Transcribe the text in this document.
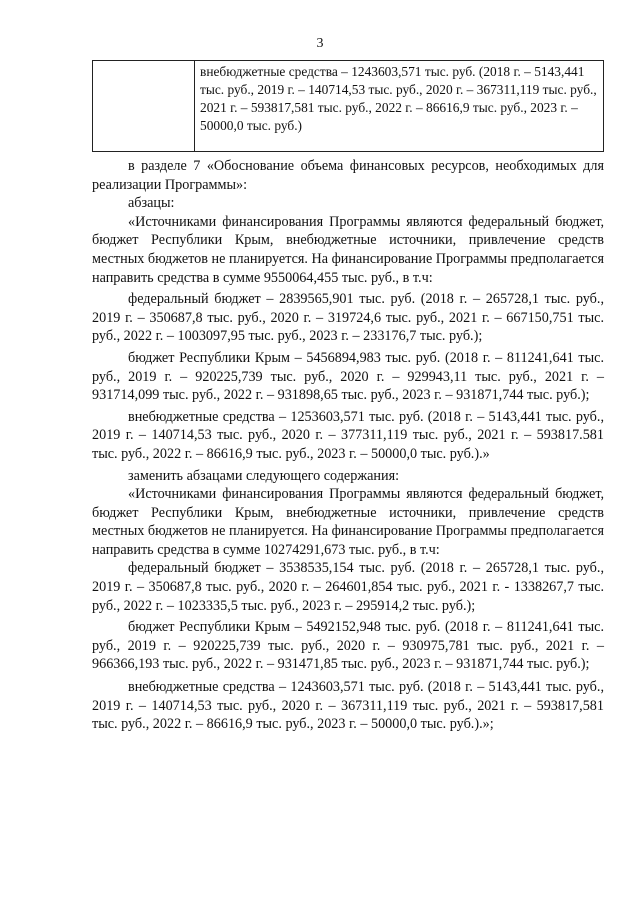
3
	внебюджетные средства – 1243603,571 тыс. руб. (2018 г. – 5143,441 тыс. руб., 2019 г. – 140714,53 тыс. руб., 2020 г. – 367311,119 тыс. руб., 2021 г. – 593817,581 тыс. руб., 2022 г. – 86616,9 тыс. руб., 2023 г. – 50000,0 тыс. руб.)

в разделе 7 «Обоснование объема финансовых ресурсов, необходимых для реализации Программы»:

абзацы:

«Источниками финансирования Программы являются федеральный бюджет, бюджет Республики Крым, внебюджетные источники, привлечение средств местных бюджетов не планируется. На финансирование Программы предполагается направить средства в сумме 9550064,455 тыс. руб., в т.ч:

федеральный бюджет – 2839565,901 тыс. руб. (2018 г. – 265728,1 тыс. руб., 2019 г. – 350687,8 тыс. руб., 2020 г. – 319724,6 тыс. руб., 2021 г. – 667150,751 тыс. руб., 2022 г. – 1003097,95 тыс. руб., 2023 г. – 233176,7 тыс. руб.);

бюджет Республики Крым – 5456894,983 тыс. руб. (2018 г. – 811241,641 тыс. руб., 2019 г. – 920225,739 тыс. руб., 2020 г. – 929943,11 тыс. руб., 2021 г. – 931714,099 тыс. руб., 2022 г. – 931898,65 тыс. руб., 2023 г. – 931871,744 тыс. руб.);

внебюджетные средства – 1253603,571 тыс. руб. (2018 г. – 5143,441 тыс. руб., 2019 г. – 140714,53 тыс. руб., 2020 г. – 377311,119 тыс. руб., 2021 г. – 593817.581 тыс. руб., 2022 г. – 86616,9 тыс. руб., 2023 г. – 50000,0 тыс. руб.).»

заменить абзацами следующего содержания:

«Источниками финансирования Программы являются федеральный бюджет, бюджет Республики Крым, внебюджетные источники, привлечение средств местных бюджетов не планируется. На финансирование Программы предполагается направить средства в сумме 10274291,673 тыс. руб., в т.ч:

федеральный бюджет – 3538535,154 тыс. руб. (2018 г. – 265728,1 тыс. руб., 2019 г. – 350687,8 тыс. руб., 2020 г. – 264601,854 тыс. руб., 2021 г. - 1338267,7 тыс. руб., 2022 г. – 1023335,5 тыс. руб., 2023 г. – 295914,2 тыс. руб.);

бюджет Республики Крым – 5492152,948 тыс. руб. (2018 г. – 811241,641 тыс. руб., 2019 г. – 920225,739 тыс. руб., 2020 г. – 930975,781 тыс. руб., 2021 г. – 966366,193 тыс. руб., 2022 г. – 931471,85 тыс. руб., 2023 г. – 931871,744 тыс. руб.);

внебюджетные средства – 1243603,571 тыс. руб. (2018 г. – 5143,441 тыс. руб., 2019 г. – 140714,53 тыс. руб., 2020 г. – 367311,119 тыс. руб., 2021 г. – 593817,581 тыс. руб., 2022 г. – 86616,9 тыс. руб., 2023 г. – 50000,0 тыс. руб.).»;
